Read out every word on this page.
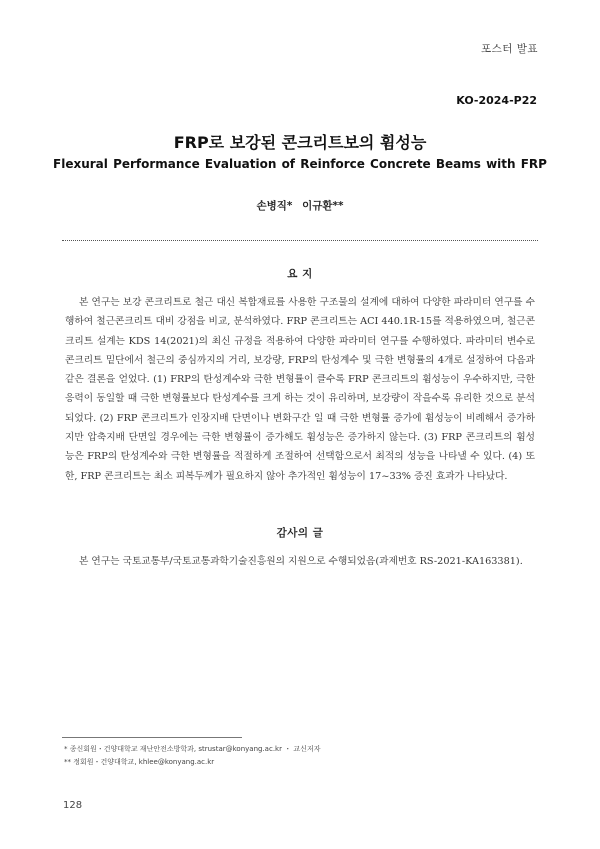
포스터 발표
KO-2024-P22
FRP로 보강된 콘크리트보의 휨성능
Flexural Performance Evaluation of Reinforce Concrete Beams with FRP
손병직* 이규환**
요 지

본 연구는 보강 콘크리트로 철근 대신 복합재료를 사용한 구조물의 설계에 대하여 다양한 파라미터 연구를 수행하여 철근콘크리트 대비 강점을 비교, 분석하였다. FRP 콘크리트는 ACI 440.1R-15를 적용하였으며, 철근콘크리트 설계는 KDS 14(2021)의 최신 규정을 적용하여 다양한 파라미터 연구를 수행하였다. 파라미터 변수로 콘크리트 밑단에서 철근의 중심까지의 거리, 보강량, FRP의 탄성계수 및 극한 변형률의 4개로 설정하여 다음과 같은 결론을 얻었다. (1) FRP의 탄성계수와 극한 변형률이 클수록 FRP 콘크리트의 휨성능이 우수하지만, 극한 응력이 동일할 때 극한 변형률보다 탄성계수를 크게 하는 것이 유리하며, 보강량이 작을수록 유리한 것으로 분석되었다. (2) FRP 콘크리트가 인장지배 단면이나 변화구간 일 때 극한 변형률 증가에 휨성능이 비례해서 증가하지만 압축지배 단면일 경우에는 극한 변형률이 증가해도 휨성능은 증가하지 않는다. (3) FRP 콘크리트의 휨성능은 FRP의 탄성계수와 극한 변형률을 적절하게 조절하여 선택함으로서 최적의 성능을 나타낼 수 있다. (4) 또한, FRP 콘크리트는 최소 피복두께가 필요하지 않아 추가적인 휨성능이 17~33% 증진 효과가 나타났다.

감사의 글

본 연구는 국토교통부/국토교통과학기술진흥원의 지원으로 수행되었음(과제번호 RS-2021-KA163381).

* 종신회원・건양대학교 재난안전소방학과, strustar@konyang.ac.kr ・ 교신저자
** 정회원・건양대학교, khlee@konyang.ac.kr
128
